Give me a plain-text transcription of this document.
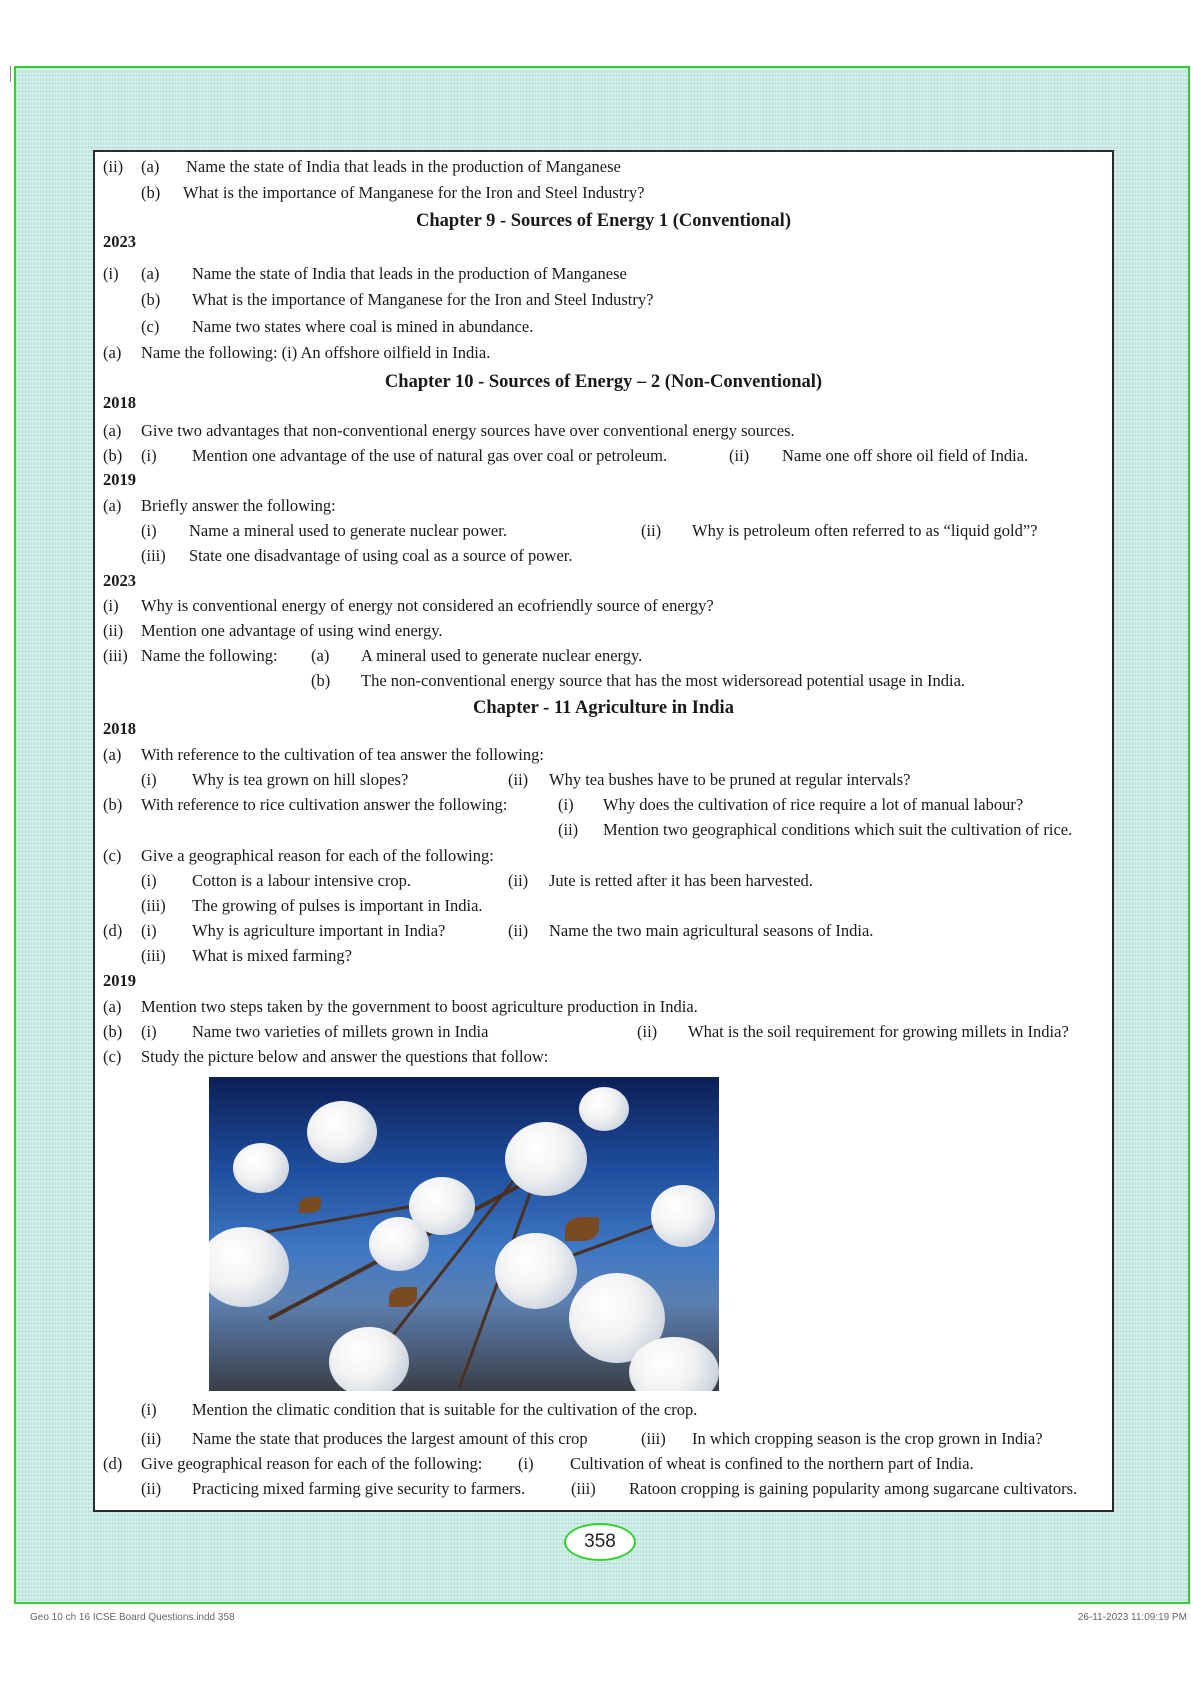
(ii) (a) Name the state of India that leads in the production of Manganese
(b) What is the importance of Manganese for the Iron and Steel Industry?
Chapter 9 - Sources of Energy 1 (Conventional)
2023
(i) (a) Name the state of India that leads in the production of Manganese
(b) What is the importance of Manganese for the Iron and Steel Industry?
(c) Name two states where coal is mined in abundance.
(a) Name the following: (i) An offshore oilfield in India.
Chapter 10 - Sources of Energy – 2 (Non-Conventional)
2018
(a) Give two advantages that non-conventional energy sources have over conventional energy sources.
(b) (i) Mention one advantage of the use of natural gas over coal or petroleum.	(ii) Name one off shore oil field of India.
2019
(a) Briefly answer the following:
(i) Name a mineral used to generate nuclear power.	(ii) Why is petroleum often referred to as “liquid gold”?
(iii) State one disadvantage of using coal as a source of power.
2023
(i) Why is conventional energy of energy not considered an ecofriendly source of energy?
(ii) Mention one advantage of using wind energy.
(iii) Name the following: (a) A mineral used to generate nuclear energy.
(b) The non-conventional energy source that has the most widersoread potential usage in India.
Chapter - 11 Agriculture in India
2018
(a) With reference to the cultivation of tea answer the following:
(i) Why is tea grown on hill slopes?	(ii) Why tea bushes have to be pruned at regular intervals?
(b) With reference to rice cultivation answer the following:	(i) Why does the cultivation of rice require a lot of manual labour?
(ii) Mention two geographical conditions which suit the cultivation of rice.
(c) Give a geographical reason for each of the following:
(i) Cotton is a labour intensive crop.	(ii) Jute is retted after it has been harvested.
(iii) The growing of pulses is important in India.
(d) (i) Why is agriculture important in India?	(ii) Name the two main agricultural seasons of India.
(iii) What is mixed farming?
2019
(a) Mention two steps taken by the government to boost agriculture production in India.
(b) (i) Name two varieties of millets grown in India	(ii) What is the soil requirement for growing millets in India?
(c) Study the picture below and answer the questions that follow:
(i) Mention the climatic condition that is suitable for the cultivation of the crop.
(ii) Name the state that produces the largest amount of this crop	(iii) In which cropping season is the crop grown in India?
(d) Give geographical reason for each of the following: (i) Cultivation of wheat is confined to the northern part of India.
(ii) Practicing mixed farming give security to farmers.	(iii) Ratoon cropping is gaining popularity among sugarcane cultivators.
358
Geo 10 ch 16 ICSE Board Questions.indd 358	26-11-2023 11:09:19 PM
